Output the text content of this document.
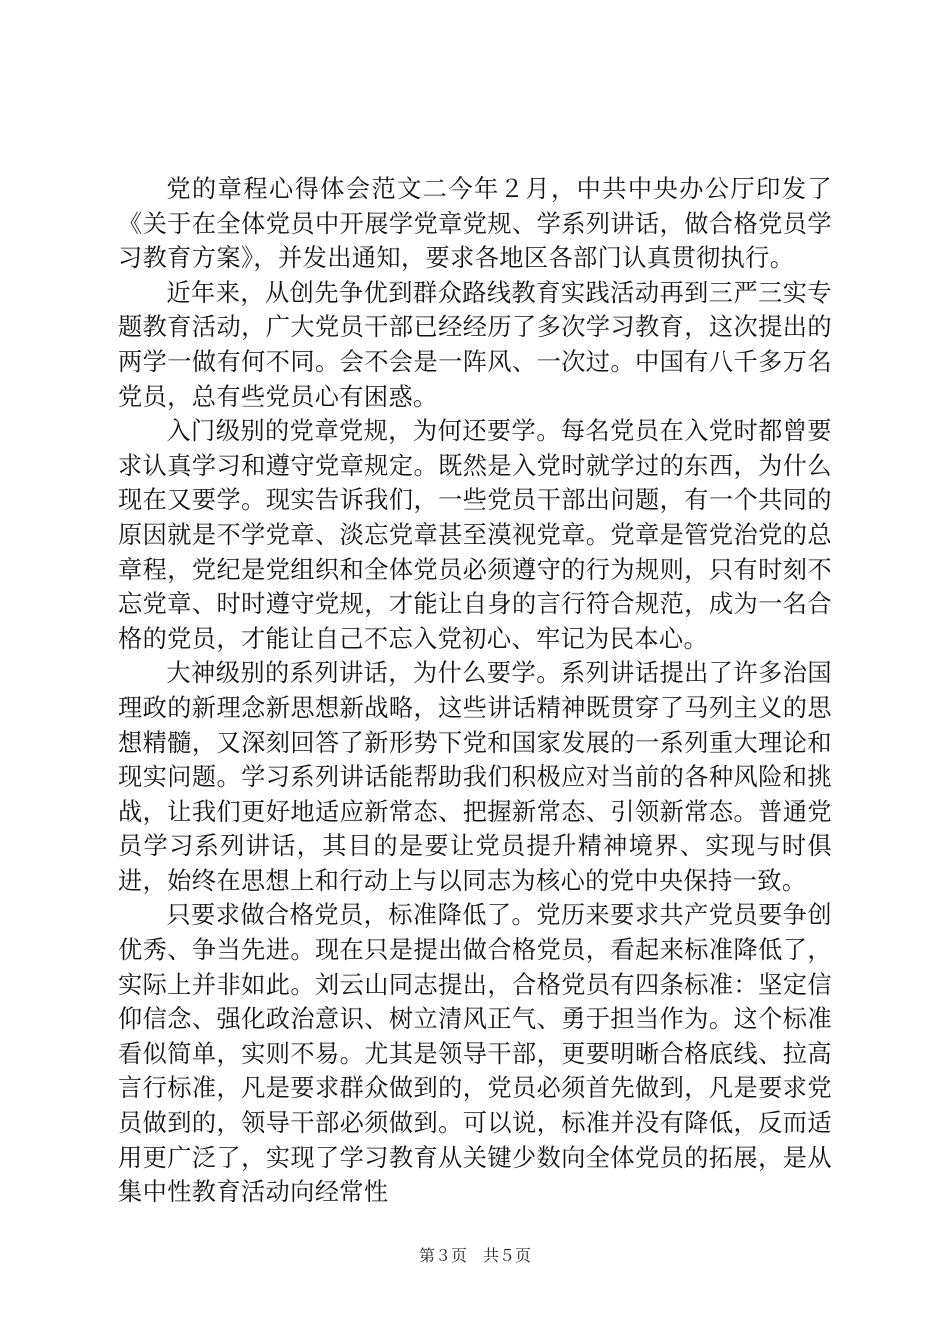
党的章程心得体会范文二今年２月，中共中央办公厅印发了《关于在全体党员中开展学党章党规、学系列讲话，做合格党员学习教育方案》，并发出通知，要求各地区各部门认真贯彻执行。

近年来，从创先争优到群众路线教育实践活动再到三严三实专题教育活动，广大党员干部已经经历了多次学习教育，这次提出的两学一做有何不同。会不会是一阵风、一次过。中国有八千多万名党员，总有些党员心有困惑。

入门级别的党章党规，为何还要学。每名党员在入党时都曾要求认真学习和遵守党章规定。既然是入党时就学过的东西，为什么现在又要学。现实告诉我们，一些党员干部出问题，有一个共同的原因就是不学党章、淡忘党章甚至漠视党章。党章是管党治党的总章程，党纪是党组织和全体党员必须遵守的行为规则，只有时刻不忘党章、时时遵守党规，才能让自身的言行符合规范，成为一名合格的党员，才能让自己不忘入党初心、牢记为民本心。

大神级别的系列讲话，为什么要学。系列讲话提出了许多治国理政的新理念新思想新战略，这些讲话精神既贯穿了马列主义的思想精髓，又深刻回答了新形势下党和国家发展的一系列重大理论和现实问题。学习系列讲话能帮助我们积极应对当前的各种风险和挑战，让我们更好地适应新常态、把握新常态、引领新常态。普通党员学习系列讲话，其目的是要让党员提升精神境界、实现与时俱进，始终在思想上和行动上与以同志为核心的党中央保持一致。

只要求做合格党员，标准降低了。党历来要求共产党员要争创优秀、争当先进。现在只是提出做合格党员，看起来标准降低了，实际上并非如此。刘云山同志提出，合格党员有四条标准：坚定信仰信念、强化政治意识、树立清风正气、勇于担当作为。这个标准看似简单，实则不易。尤其是领导干部，更要明晰合格底线、拉高言行标准，凡是要求群众做到的，党员必须首先做到，凡是要求党员做到的，领导干部必须做到。可以说，标准并没有降低，反而适用更广泛了，实现了学习教育从关键少数向全体党员的拓展，是从集中性教育活动向经常性

第３页　共５页
